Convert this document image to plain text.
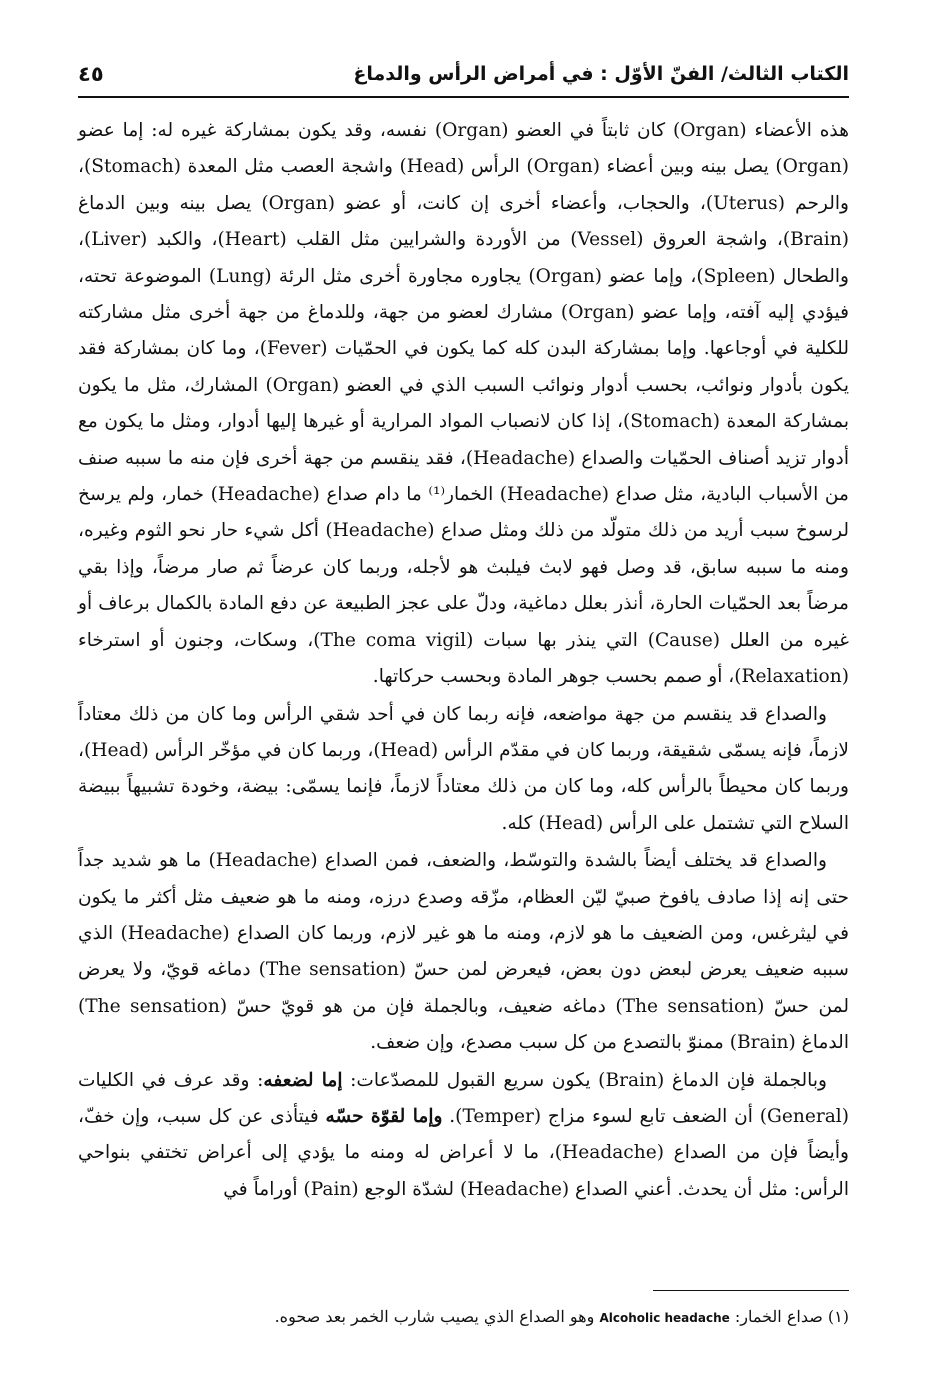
الكتاب الثالث/ الفنّ الأوّل : في أمراض الرأس والدماغ
٤٥

هذه الأعضاء (Organ) كان ثابتاً في العضو (Organ) نفسه، وقد يكون بمشاركة غيره له: إما عضو (Organ) يصل بينه وبين أعضاء (Organ) الرأس (Head) واشجة العصب مثل المعدة (Stomach)، والرحم (Uterus)، والحجاب، وأعضاء أخرى إن كانت، أو عضو (Organ) يصل بينه وبين الدماغ (Brain)، واشجة العروق (Vessel) من الأوردة والشرايين مثل القلب (Heart)، والكبد (Liver)، والطحال (Spleen)، وإما عضو (Organ) يجاوره مجاورة أخرى مثل الرئة (Lung) الموضوعة تحته، فيؤدي إليه آفته، وإما عضو (Organ) مشارك لعضو من جهة، وللدماغ من جهة أخرى مثل مشاركته للكلية في أوجاعها. وإما بمشاركة البدن كله كما يكون في الحمّيات (Fever)، وما كان بمشاركة فقد يكون بأدوار ونوائب، بحسب أدوار ونوائب السبب الذي في العضو (Organ) المشارك، مثل ما يكون بمشاركة المعدة (Stomach)، إذا كان لانصباب المواد المرارية أو غيرها إليها أدوار، ومثل ما يكون مع أدوار تزيد أصناف الحمّيات والصداع (Headache)، فقد ينقسم من جهة أخرى فإن منه ما سببه صنف من الأسباب البادية، مثل صداع (Headache) الخمار⁽¹⁾ ما دام صداع (Headache) خمار، ولم يرسخ لرسوخ سبب أريد من ذلك متولّد من ذلك ومثل صداع (Headache) أكل شيء حار نحو الثوم وغيره، ومنه ما سببه سابق، قد وصل فهو لابث فيلبث هو لأجله، وربما كان عرضاً ثم صار مرضاً، وإذا بقي مرضاً بعد الحمّيات الحارة، أنذر بعلل دماغية، ودلّ على عجز الطبيعة عن دفع المادة بالكمال برعاف أو غيره من العلل (Cause) التي ينذر بها سبات (The coma vigil)، وسكات، وجنون أو استرخاء (Relaxation)، أو صمم بحسب جوهر المادة وبحسب حركاتها.

والصداع قد ينقسم من جهة مواضعه، فإنه ربما كان في أحد شقي الرأس وما كان من ذلك معتاداً لازماً، فإنه يسمّى شقيقة، وربما كان في مقدّم الرأس (Head)، وربما كان في مؤخّر الرأس (Head)، وربما كان محيطاً بالرأس كله، وما كان من ذلك معتاداً لازماً، فإنما يسمّى: بيضة، وخودة تشبيهاً ببيضة السلاح التي تشتمل على الرأس (Head) كله.

والصداع قد يختلف أيضاً بالشدة والتوسّط، والضعف، فمن الصداع (Headache) ما هو شديد جداً حتى إنه إذا صادف يافوخ صبيّ ليّن العظام، مزّقه وصدع درزه، ومنه ما هو ضعيف مثل أكثر ما يكون في ليثرغس، ومن الضعيف ما هو لازم، ومنه ما هو غير لازم، وربما كان الصداع (Headache) الذي سببه ضعيف يعرض لبعض دون بعض، فيعرض لمن حسّ (The sensation) دماغه قويّ، ولا يعرض لمن حسّ (The sensation) دماغه ضعيف، وبالجملة فإن من هو قويّ حسّ (The sensation) الدماغ (Brain) ممنوّ بالتصدع من كل سبب مصدع، وإن ضعف.

وبالجملة فإن الدماغ (Brain) يكون سريع القبول للمصدّعات: إما لضعفه: وقد عرف في الكليات (General) أن الضعف تابع لسوء مزاج (Temper). وإما لقوّة حسّه فيتأذى عن كل سبب، وإن خفّ، وأيضاً فإن من الصداع (Headache)، ما لا أعراض له ومنه ما يؤدي إلى أعراض تختفي بنواحي الرأس: مثل أن يحدث. أعني الصداع (Headache) لشدّة الوجع (Pain) أوراماً في

(١) صداع الخمار: Alcoholic headache وهو الصداع الذي يصيب شارب الخمر بعد صحوه.
